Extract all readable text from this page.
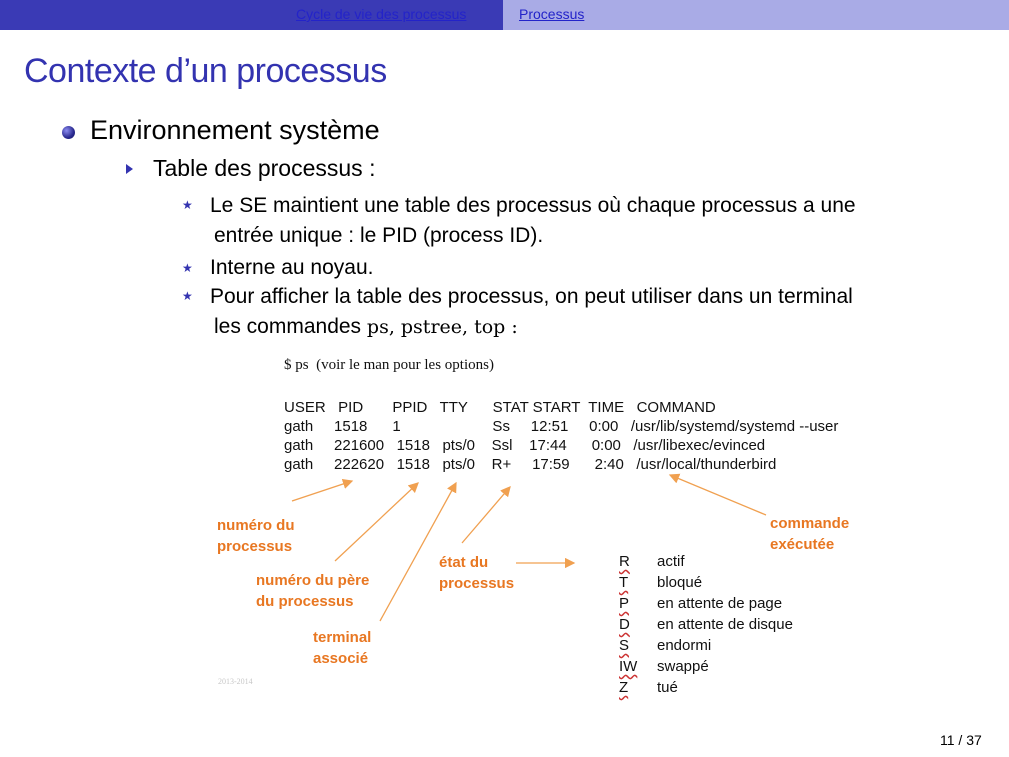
Cycle de vie des processus	Processus
Contexte d’un processus
Environnement système
Table des processus :
★ Le SE maintient une table des processus où chaque processus a une
entrée unique : le PID (process ID).
★ Interne au noyau.
★ Pour afficher la table des processus, on peut utiliser dans un terminal
les commandes ps, pstree, top :
$ ps  (voir le man pour les options)
USER   PID       PPID   TTY      STAT START  TIME   COMMAND
gath     1518      1                      Ss     12:51     0:00   /usr/lib/systemd/systemd --user
gath     221600   1518   pts/0    Ssl    17:44      0:00   /usr/libexec/evinced
gath     222620   1518   pts/0    R+     17:59      2:40   /usr/local/thunderbird
numéro du
processus
numéro du père
du processus
terminal
associé
état du
processus
commande
exécutée
R actif
T bloqué
P en attente de page
D en attente de disque
S endormi
IW swappé
Z tué
2013-2014
11 / 37
